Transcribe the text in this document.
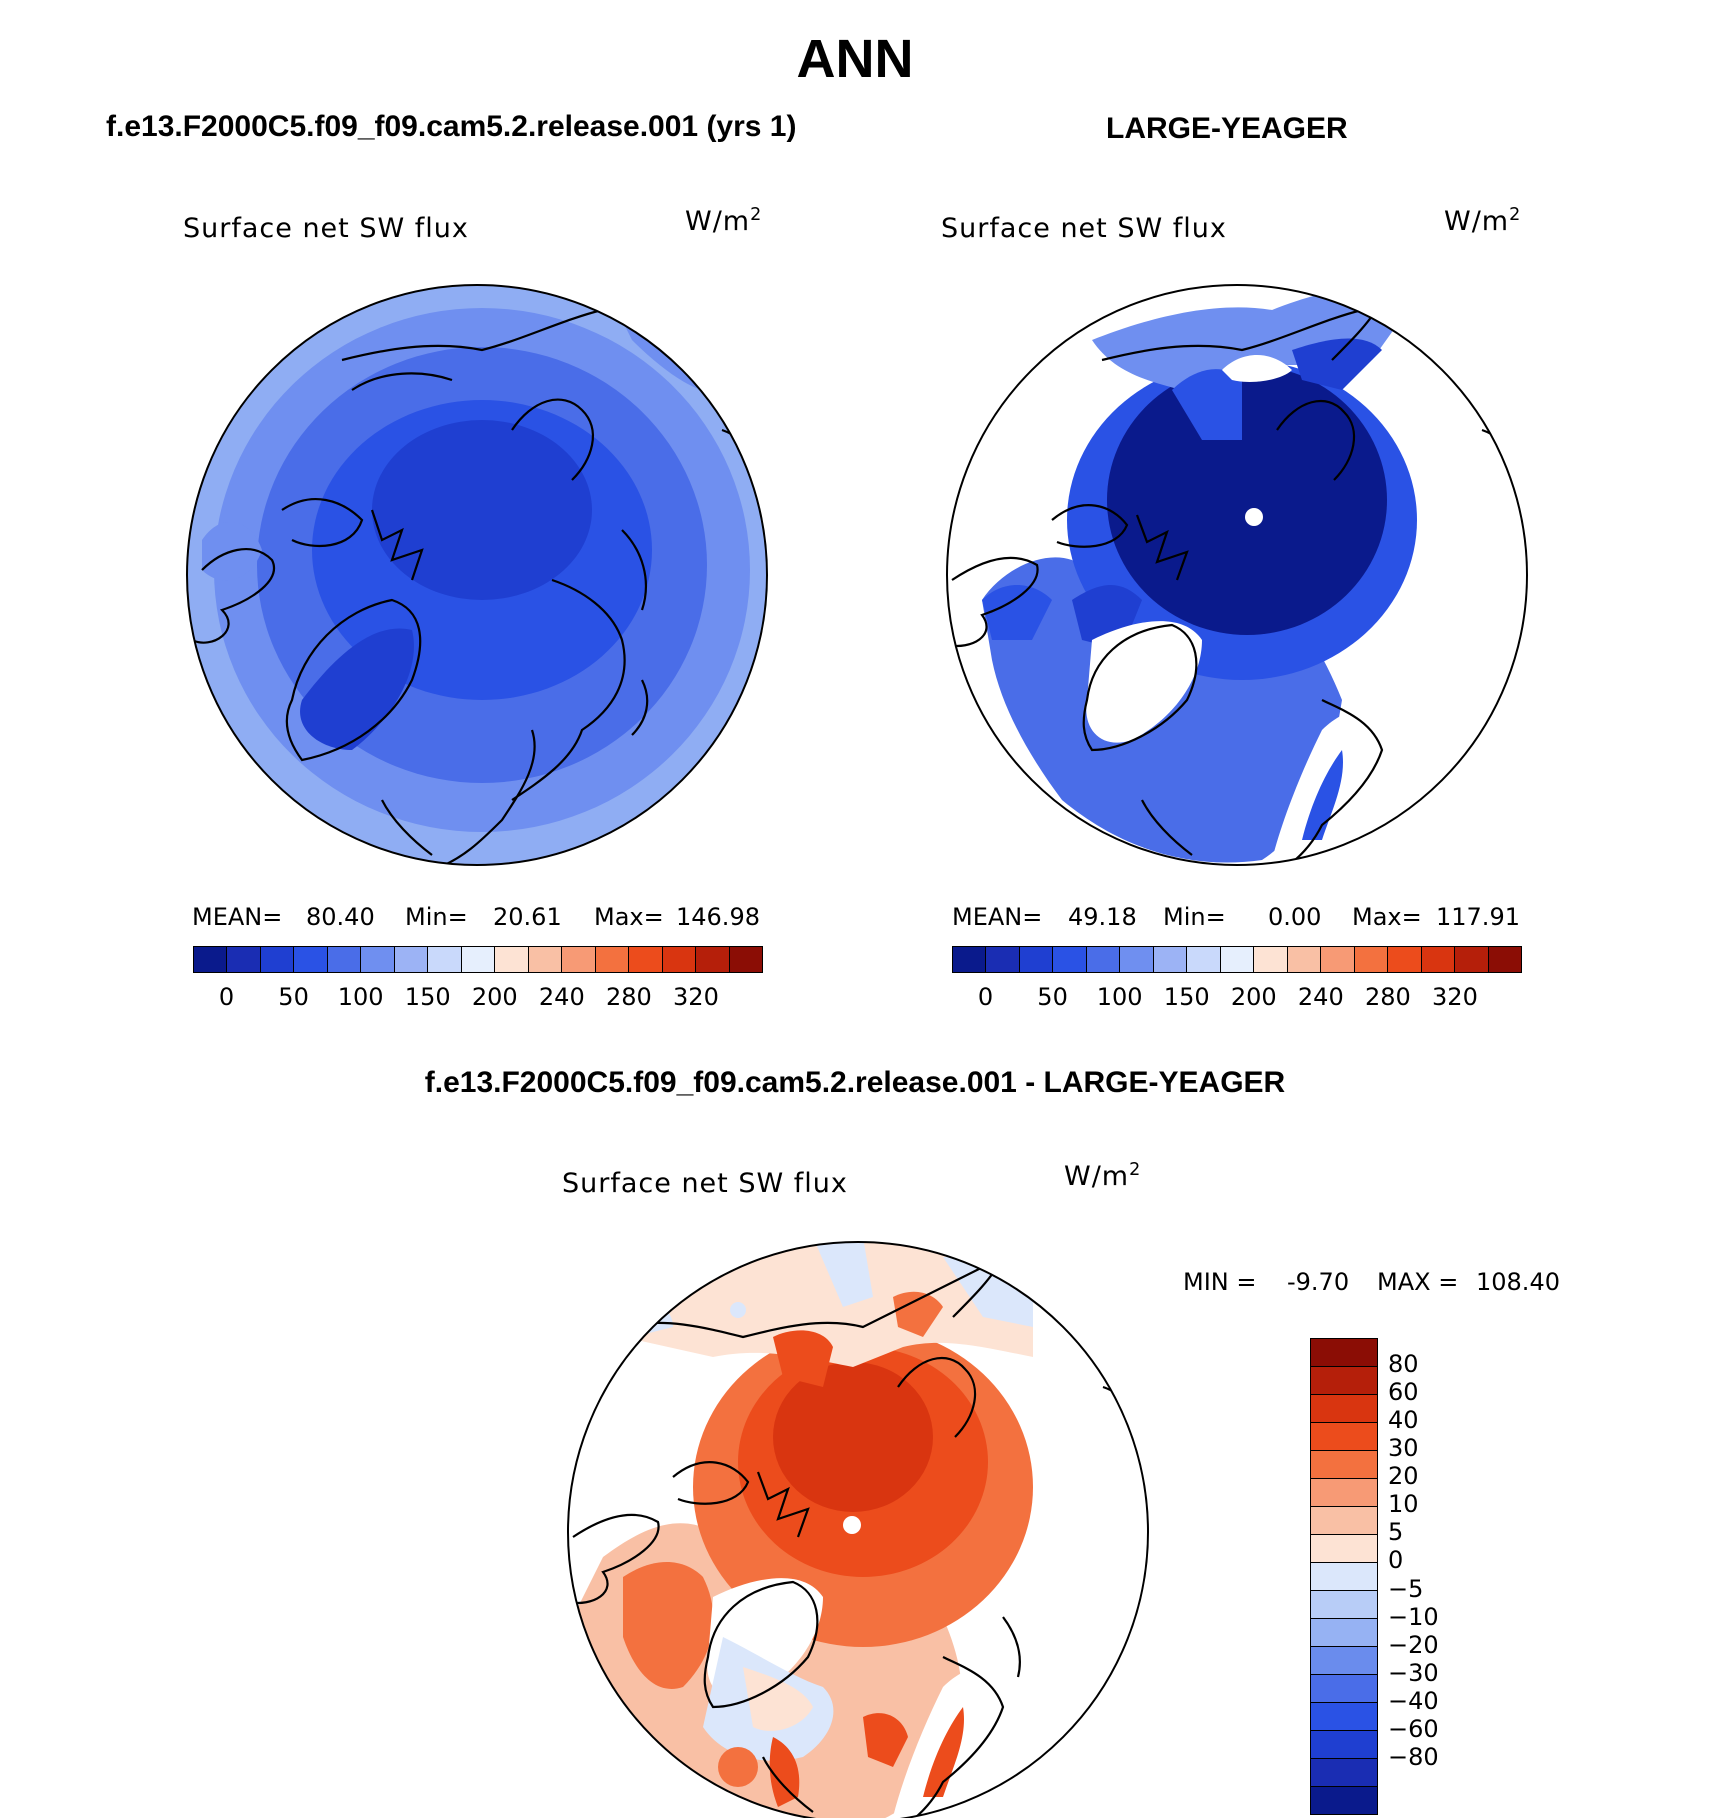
ANN
f.e13.F2000C5.f09_f09.cam5.2.release.001 (yrs 1)	LARGE-YEAGER
Surface net SW flux	$W/m^2$
MEAN= 80.40 Min= 20.61 Max= 146.98
0 50 100 150 200 240 280 320
Surface net SW flux	$W/m^2$
MEAN= 49.18 Min= 0.00 Max= 117.91
0 50 100 150 200 240 280 320
f.e13.F2000C5.f09_f09.cam5.2.release.001 - LARGE-YEAGER
Surface net SW flux	$W/m^2$
MIN = -9.70 MAX = 108.40
80
60
40
30
20
10
5
0
−5
−10
−20
−30
−40
−60
−80
